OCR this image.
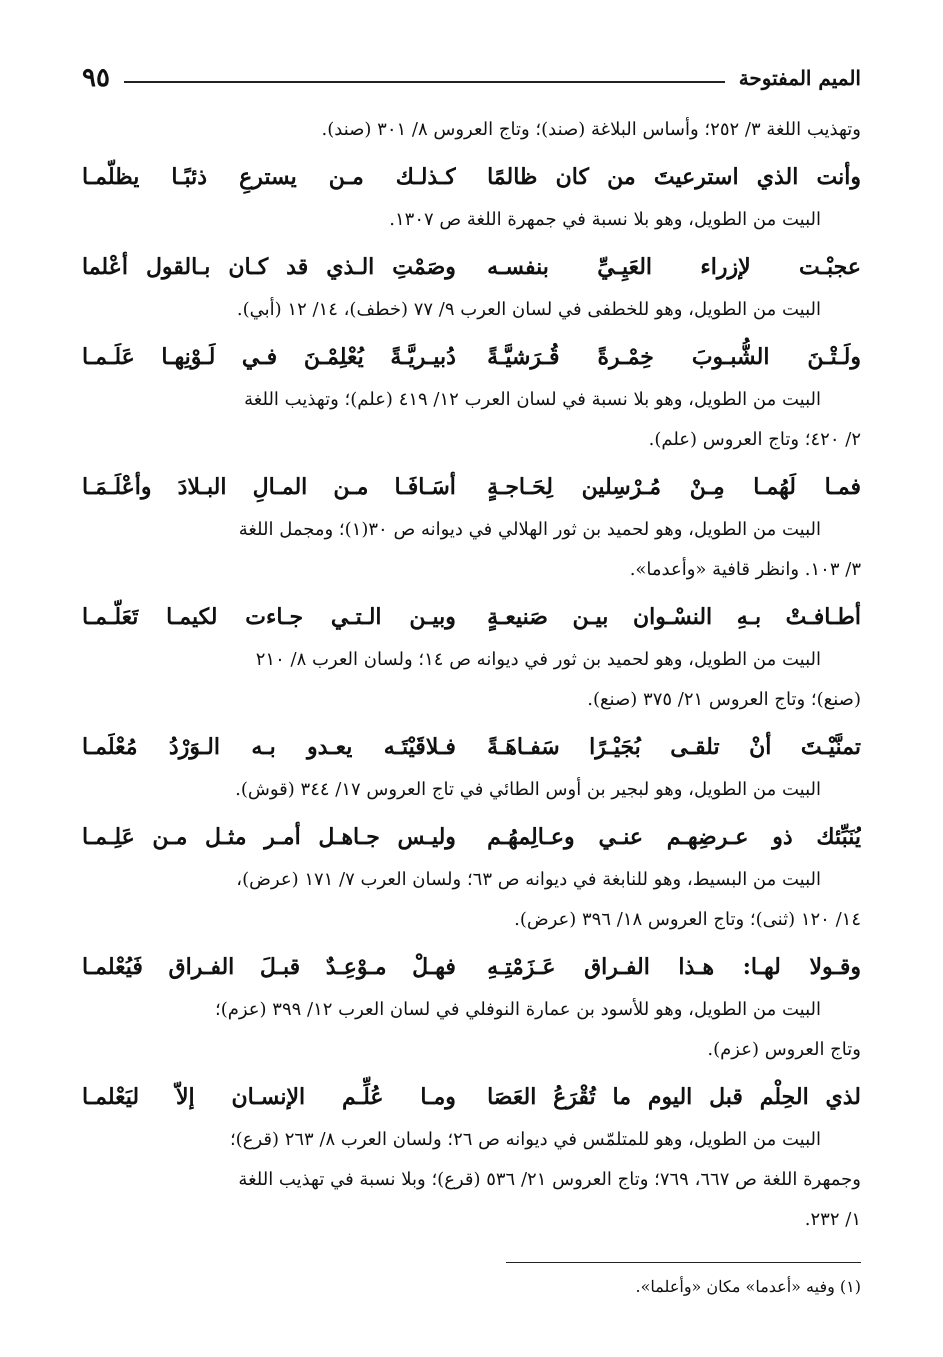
الميم المفتوحة
٩٥
وتهذيب اللغة ٣/ ٢٥٢؛ وأساس البلاغة (صند)؛ وتاج العروس ٨/ ٣٠١ (صند).
وأنت الذي استرعيتَ من كان ظالمًا
كـذلـك مـن يسترعِ ذئبًـا يظلّمـا
البيت من الطويل، وهو بلا نسبة في جمهرة اللغة ص ١٣٠٧.
عجبْـت لإزراء العَيِـيِّ بنفسـه
وصَمْتِ الـذي قد كـان بـالقول أعْلما
البيت من الطويل، وهو للخطفى في لسان العرب ٩/ ٧٧ (خطف)، ١٤/ ١٢ (أبي).
ولَـتْـنَ الشُّبـوبَ خِمْـرةً قُـرَشيَّـةً
دُبيـريَّـةً يُعْلِمْـنَ فـي لَـوْنِهـا عَلَـمـا
البيت من الطويل، وهو بلا نسبة في لسان العرب ١٢/ ٤١٩ (علم)؛ وتهذيب اللغة
٢/ ٤٢٠؛ وتاج العروس (علم).
فمـا لَهُمـا مِـنْ مُـرْسِلين لِحَـاجـةٍ
أسَـافَـا مـن المـالِ البـلادَ وأعْلَـمَـا
البيت من الطويل، وهو لحميد بن ثور الهلالي في ديوانه ص ٣٠(١)؛ ومجمل اللغة
٣/ ١٠٣. وانظر قافية «وأعدما».
أطـافـتْ بـهِ النسْـوان بيـن صَنيعـةٍ
وبيـن الـتـي جـاءت لكيمـا تَعَلّـمـا
البيت من الطويل، وهو لحميد بن ثور في ديوانه ص ١٤؛ ولسان العرب ٨/ ٢١٠
(صنع)؛ وتاج العروس ٢١/ ٣٧٥ (صنع).
تمنَّيْـتَ أنْ تلقـى بُجَيْـرًا سَفـاهَـةً
فـلاقَيْتَـه يعـدو بـه الـوَرْدُ مُعْلَمـا
البيت من الطويل، وهو لبجير بن أوس الطائي في تاج العروس ١٧/ ٣٤٤ (قوش).
يُنَبِّئك ذو عـرضِهـم عنـي وعـالِمهُـم
وليـس جـاهـل أمـر مثـل مـن عَلِـمـا
البيت من البسيط، وهو للنابغة في ديوانه ص ٦٣؛ ولسان العرب ٧/ ١٧١ (عرض)،
١٤/ ١٢٠ (ثنى)؛ وتاج العروس ١٨/ ٣٩٦ (عرض).
وقـولا لهـا: هـذا الفـراق عَـزَمْتِـهِ
فهـلْ مـوْعِـدٌ قبـلَ الفـراق فَيُعْلمـا
البيت من الطويل، وهو للأسود بن عمارة النوفلي في لسان العرب ١٢/ ٣٩٩ (عزم)؛
وتاج العروس (عزم).
لذي الحِلْم قبل اليوم ما تُقْرَعُ العَصَا
ومـا عُلِّـم الإنسـان إلاّ ليَعْلمـا
البيت من الطويل، وهو للمتلمّس في ديوانه ص ٢٦؛ ولسان العرب ٨/ ٢٦٣ (قرع)؛
وجمهرة اللغة ص ٦٦٧، ٧٦٩؛ وتاج العروس ٢١/ ٥٣٦ (قرع)؛ وبلا نسبة في تهذيب اللغة
١/ ٢٣٢.
(١) وفيه «أعدما» مكان «وأعلما».
